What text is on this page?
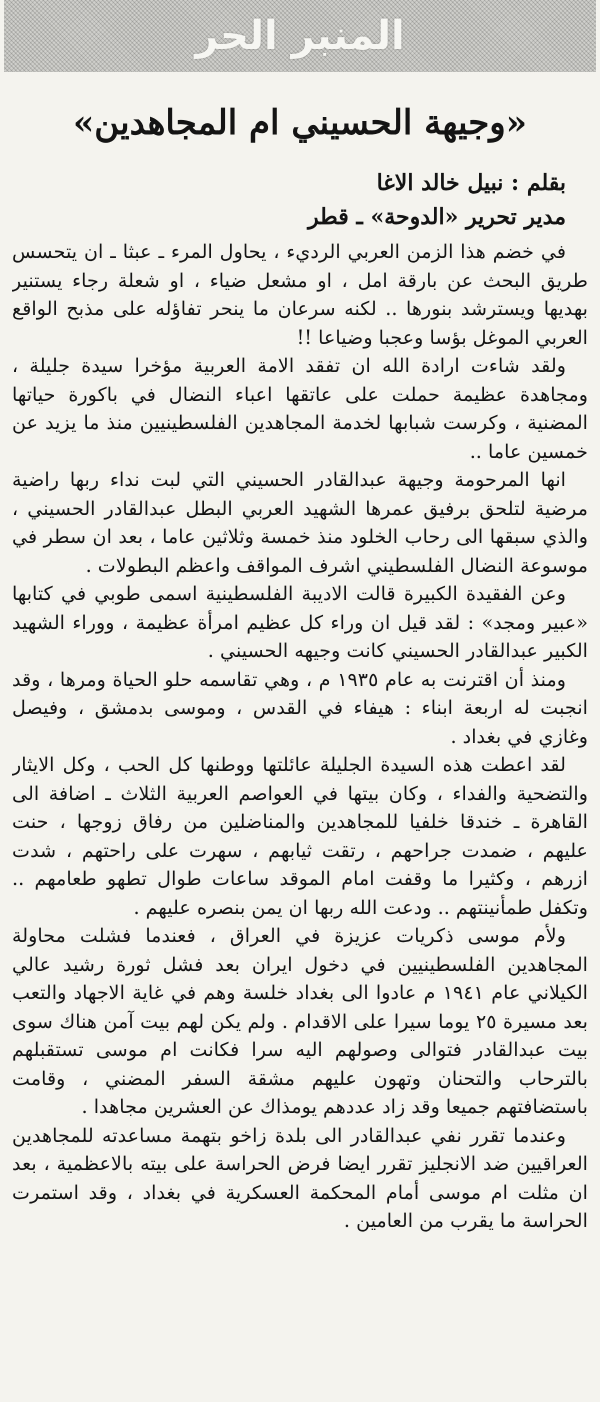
المنبر الحر
«وجيهة الحسيني ام المجاهدين»
بقلم : نبيل خالد الاغا
مدير تحرير «الدوحة» ـ قطر

في خضم هذا الزمن العربي الرديء ، يحاول المرء ـ عبثا ـ ان يتحسس طريق البحث عن بارقة امل ، او مشعل ضياء ، او شعلة رجاء يستنير بهديها ويسترشد بنورها .. لكنه سرعان ما ينحر تفاؤله على مذبح الواقع العربي الموغل بؤسا وعجبا وضياعا !!

ولقد شاءت ارادة الله ان تفقد الامة العربية مؤخرا سيدة جليلة ، ومجاهدة عظيمة حملت على عاتقها اعباء النضال في باكورة حياتها المضنية ، وكرست شبابها لخدمة المجاهدين الفلسطينيين منذ ما يزيد عن خمسين عاما ..

انها المرحومة وجيهة عبدالقادر الحسيني التي لبت نداء ربها راضية مرضية لتلحق برفيق عمرها الشهيد العربي البطل عبدالقادر الحسيني ، والذي سبقها الى رحاب الخلود منذ خمسة وثلاثين عاما ، بعد ان سطر في موسوعة النضال الفلسطيني اشرف المواقف واعظم البطولات .

وعن الفقيدة الكبيرة قالت الاديبة الفلسطينية اسمى طوبي في كتابها «عبير ومجد» : لقد قيل ان وراء كل عظيم امرأة عظيمة ، ووراء الشهيد الكبير عبدالقادر الحسيني كانت وجيهه الحسيني .

ومنذ أن اقترنت به عام ١٩٣٥ م ، وهي تقاسمه حلو الحياة ومرها ، وقد انجبت له اربعة ابناء : هيفاء في القدس ، وموسى بدمشق ، وفيصل وغازي في بغداد .

لقد اعطت هذه السيدة الجليلة عائلتها ووطنها كل الحب ، وكل الايثار والتضحية والفداء ، وكان بيتها في العواصم العربية الثلاث ـ اضافة الى القاهرة ـ خندقا خلفيا للمجاهدين والمناضلين من رفاق زوجها ، حنت عليهم ، ضمدت جراحهم ، رتقت ثيابهم ، سهرت على راحتهم ، شدت ازرهم ، وكثيرا ما وقفت امام الموقد ساعات طوال تطهو طعامهم .. وتكفل طمأنينتهم .. ودعت الله ربها ان يمن بنصره عليهم .

ولأم موسى ذكريات عزيزة في العراق ، فعندما فشلت محاولة المجاهدين الفلسطينيين في دخول ايران بعد فشل ثورة رشيد عالي الكيلاني عام ١٩٤١ م عادوا الى بغداد خلسة وهم في غاية الاجهاد والتعب بعد مسيرة ٢٥ يوما سيرا على الاقدام . ولم يكن لهم بيت آمن هناك سوى بيت عبدالقادر فتوالى وصولهم اليه سرا فكانت ام موسى تستقبلهم بالترحاب والتحنان وتهون عليهم مشقة السفر المضني ، وقامت باستضافتهم جميعا وقد زاد عددهم يومذاك عن العشرين مجاهدا .

وعندما تقرر نفي عبدالقادر الى بلدة زاخو بتهمة مساعدته للمجاهدين العراقيين ضد الانجليز تقرر ايضا فرض الحراسة على بيته بالاعظمية ، بعد ان مثلت ام موسى أمام المحكمة العسكرية في بغداد ، وقد استمرت الحراسة ما يقرب من العامين .
